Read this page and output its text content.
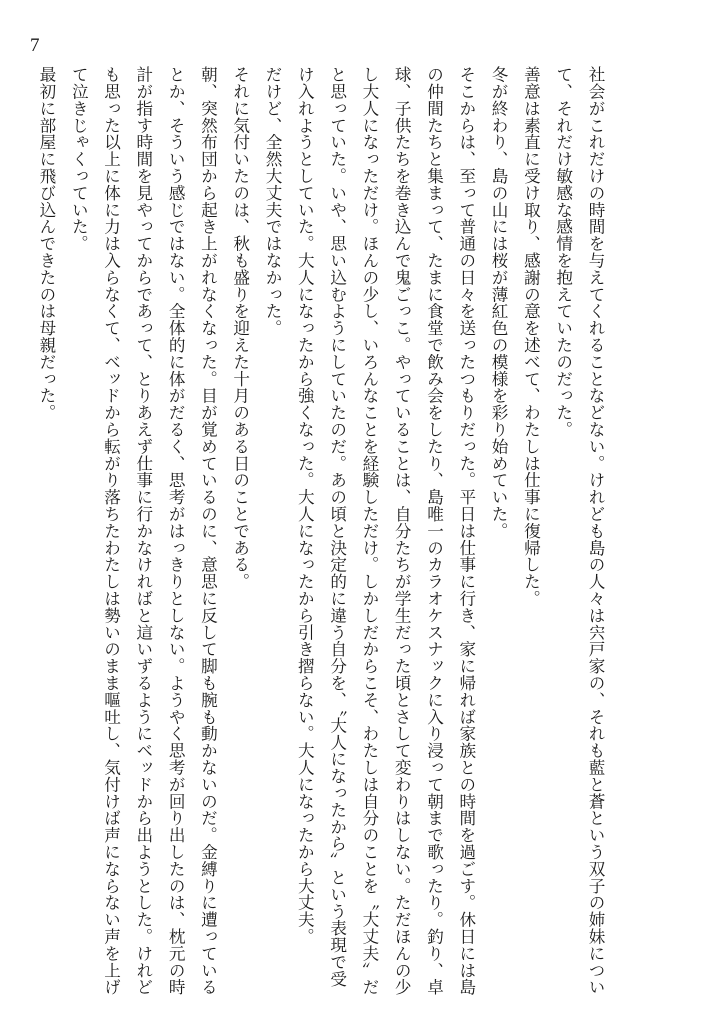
7

社会がこれだけの時間を与えてくれることなどない。けれども島の人々は宍戸家の、それも藍と蒼という双子の姉妹について、それだけ敏感な感情を抱えていたのだった。

善意は素直に受け取り、感謝の意を述べて、わたしは仕事に復帰した。

冬が終わり、島の山には桜が薄紅色の模様を彩り始めていた。

そこからは、至って普通の日々を送ったつもりだった。平日は仕事に行き、家に帰れば家族との時間を過ごす。休日には島の仲間たちと集まって、たまに食堂で飲み会をしたり、島唯一のカラオケスナックに入り浸って朝まで歌ったり。釣り、卓球、子供たちを巻き込んで鬼ごっこ。やっていることは、自分たちが学生だった頃とさして変わりはしない。ただほんの少し大人になっただけ。ほんの少し、いろんなことを経験しただけ。しかしだからこそ、わたしは自分のことを〝大丈夫〟だと思っていた。いや、思い込むようにしていたのだ。あの頃と決定的に違う自分を、〝大人になったから〟という表現で受け入れようとしていた。大人になったから強くなった。大人になったから引き摺らない。大人になったから大丈夫。

だけど、全然大丈夫ではなかった。

それに気付いたのは、秋も盛りを迎えた十月のある日のことである。

朝、突然布団から起き上がれなくなった。目が覚めているのに、意思に反して脚も腕も動かないのだ。金縛りに遭っているとか、そういう感じではない。全体的に体がだるく、思考がはっきりとしない。ようやく思考が回り出したのは、枕元の時計が指す時間を見やってからであって、とりあえず仕事に行かなければと這いずるようにベッドから出ようとした。けれども思った以上に体に力は入らなくて、ベッドから転がり落ちたわたしは勢いのまま嘔吐し、気付けば声にならない声を上げて泣きじゃくっていた。

最初に部屋に飛び込んできたのは母親だった。
